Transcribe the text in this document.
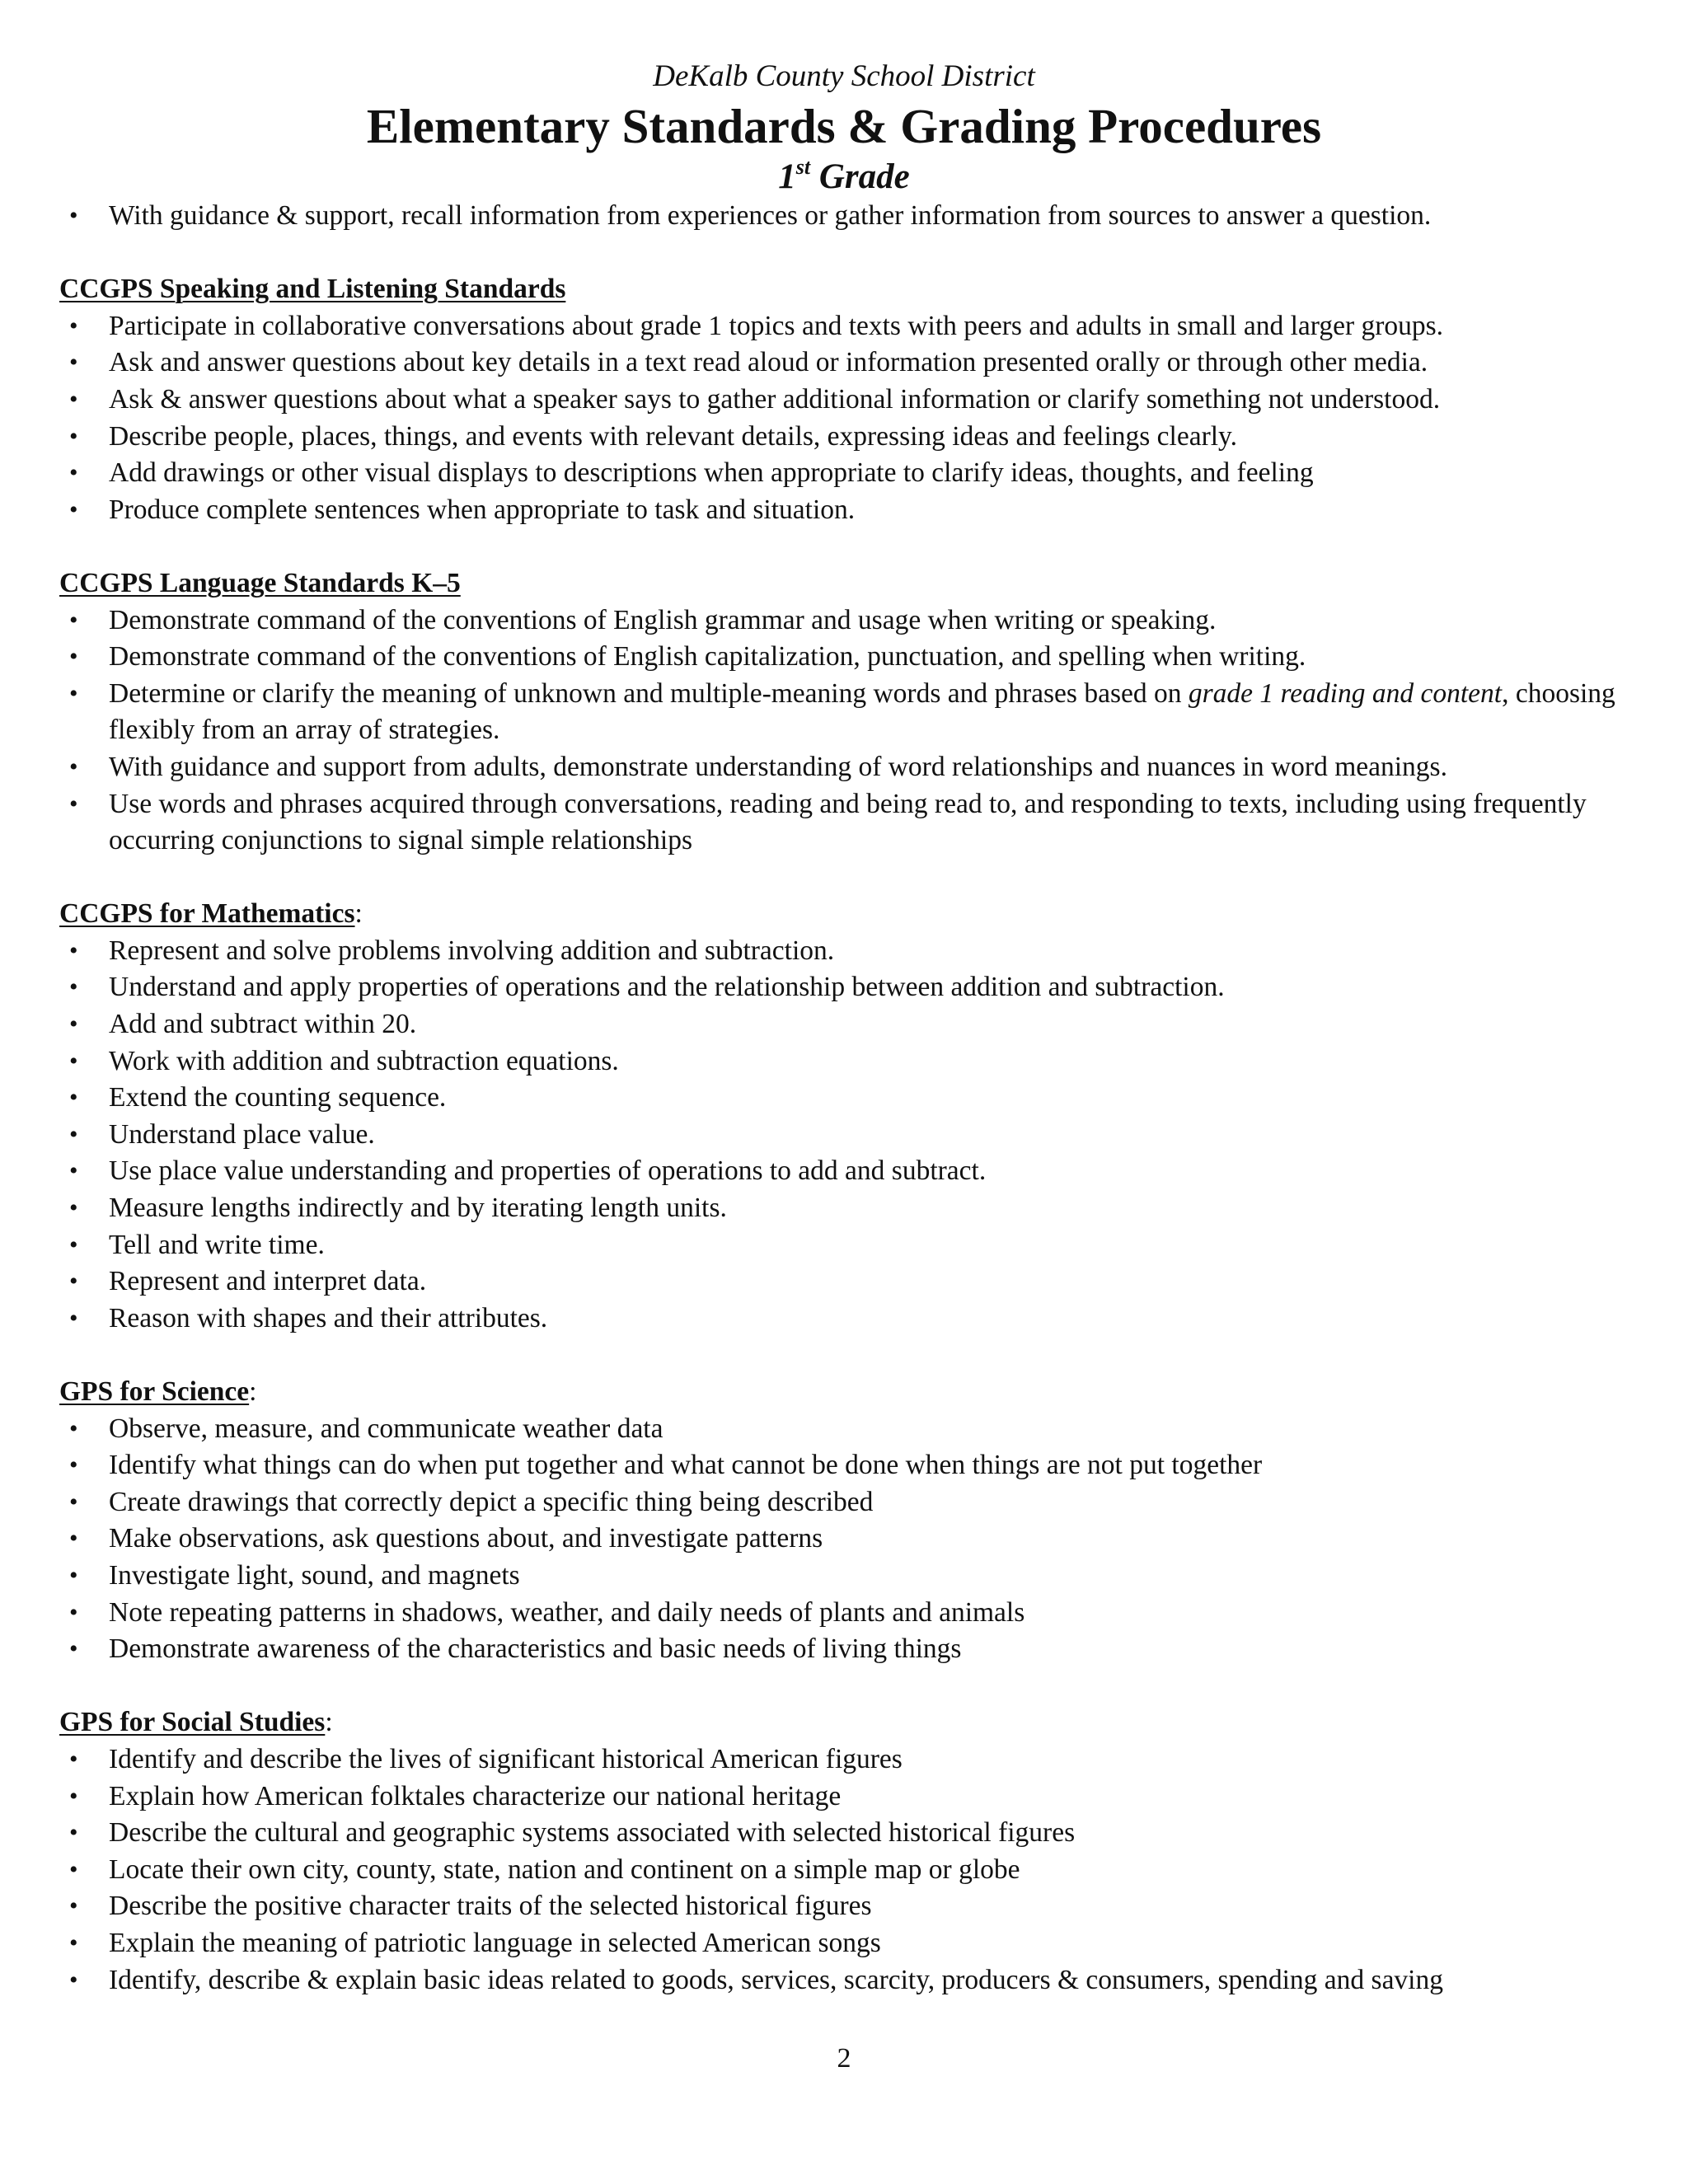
DeKalb County School District

Elementary Standards & Grading Procedures

1st Grade

• With guidance & support, recall information from experiences or gather information from sources to answer a question.

CCGPS Speaking and Listening Standards

• Participate in collaborative conversations about grade 1 topics and texts with peers and adults in small and larger groups.
• Ask and answer questions about key details in a text read aloud or information presented orally or through other media.
• Ask & answer questions about what a speaker says to gather additional information or clarify something not understood.
• Describe people, places, things, and events with relevant details, expressing ideas and feelings clearly.
• Add drawings or other visual displays to descriptions when appropriate to clarify ideas, thoughts, and feeling
• Produce complete sentences when appropriate to task and situation.

CCGPS Language Standards K–5

• Demonstrate command of the conventions of English grammar and usage when writing or speaking.
• Demonstrate command of the conventions of English capitalization, punctuation, and spelling when writing.
• Determine or clarify the meaning of unknown and multiple-meaning words and phrases based on grade 1 reading and content, choosing flexibly from an array of strategies.
• With guidance and support from adults, demonstrate understanding of word relationships and nuances in word meanings.
• Use words and phrases acquired through conversations, reading and being read to, and responding to texts, including using frequently occurring conjunctions to signal simple relationships

CCGPS for Mathematics:

• Represent and solve problems involving addition and subtraction.
• Understand and apply properties of operations and the relationship between addition and subtraction.
• Add and subtract within 20.
• Work with addition and subtraction equations.
• Extend the counting sequence.
• Understand place value.
• Use place value understanding and properties of operations to add and subtract.
• Measure lengths indirectly and by iterating length units.
• Tell and write time.
• Represent and interpret data.
• Reason with shapes and their attributes.

GPS for Science:

• Observe, measure, and communicate weather data
• Identify what things can do when put together and what cannot be done when things are not put together
• Create drawings that correctly depict a specific thing being described
• Make observations, ask questions about, and investigate patterns
• Investigate light, sound, and magnets
• Note repeating patterns in shadows, weather, and daily needs of plants and animals
• Demonstrate awareness of the characteristics and basic needs of living things

GPS for Social Studies:

• Identify and describe the lives of significant historical American figures
• Explain how American folktales characterize our national heritage
• Describe the cultural and geographic systems associated with selected historical figures
• Locate their own city, county, state, nation and continent on a simple map or globe
• Describe the positive character traits of the selected historical figures
• Explain the meaning of patriotic language in selected American songs
• Identify, describe & explain basic ideas related to goods, services, scarcity, producers & consumers, spending and saving
2
